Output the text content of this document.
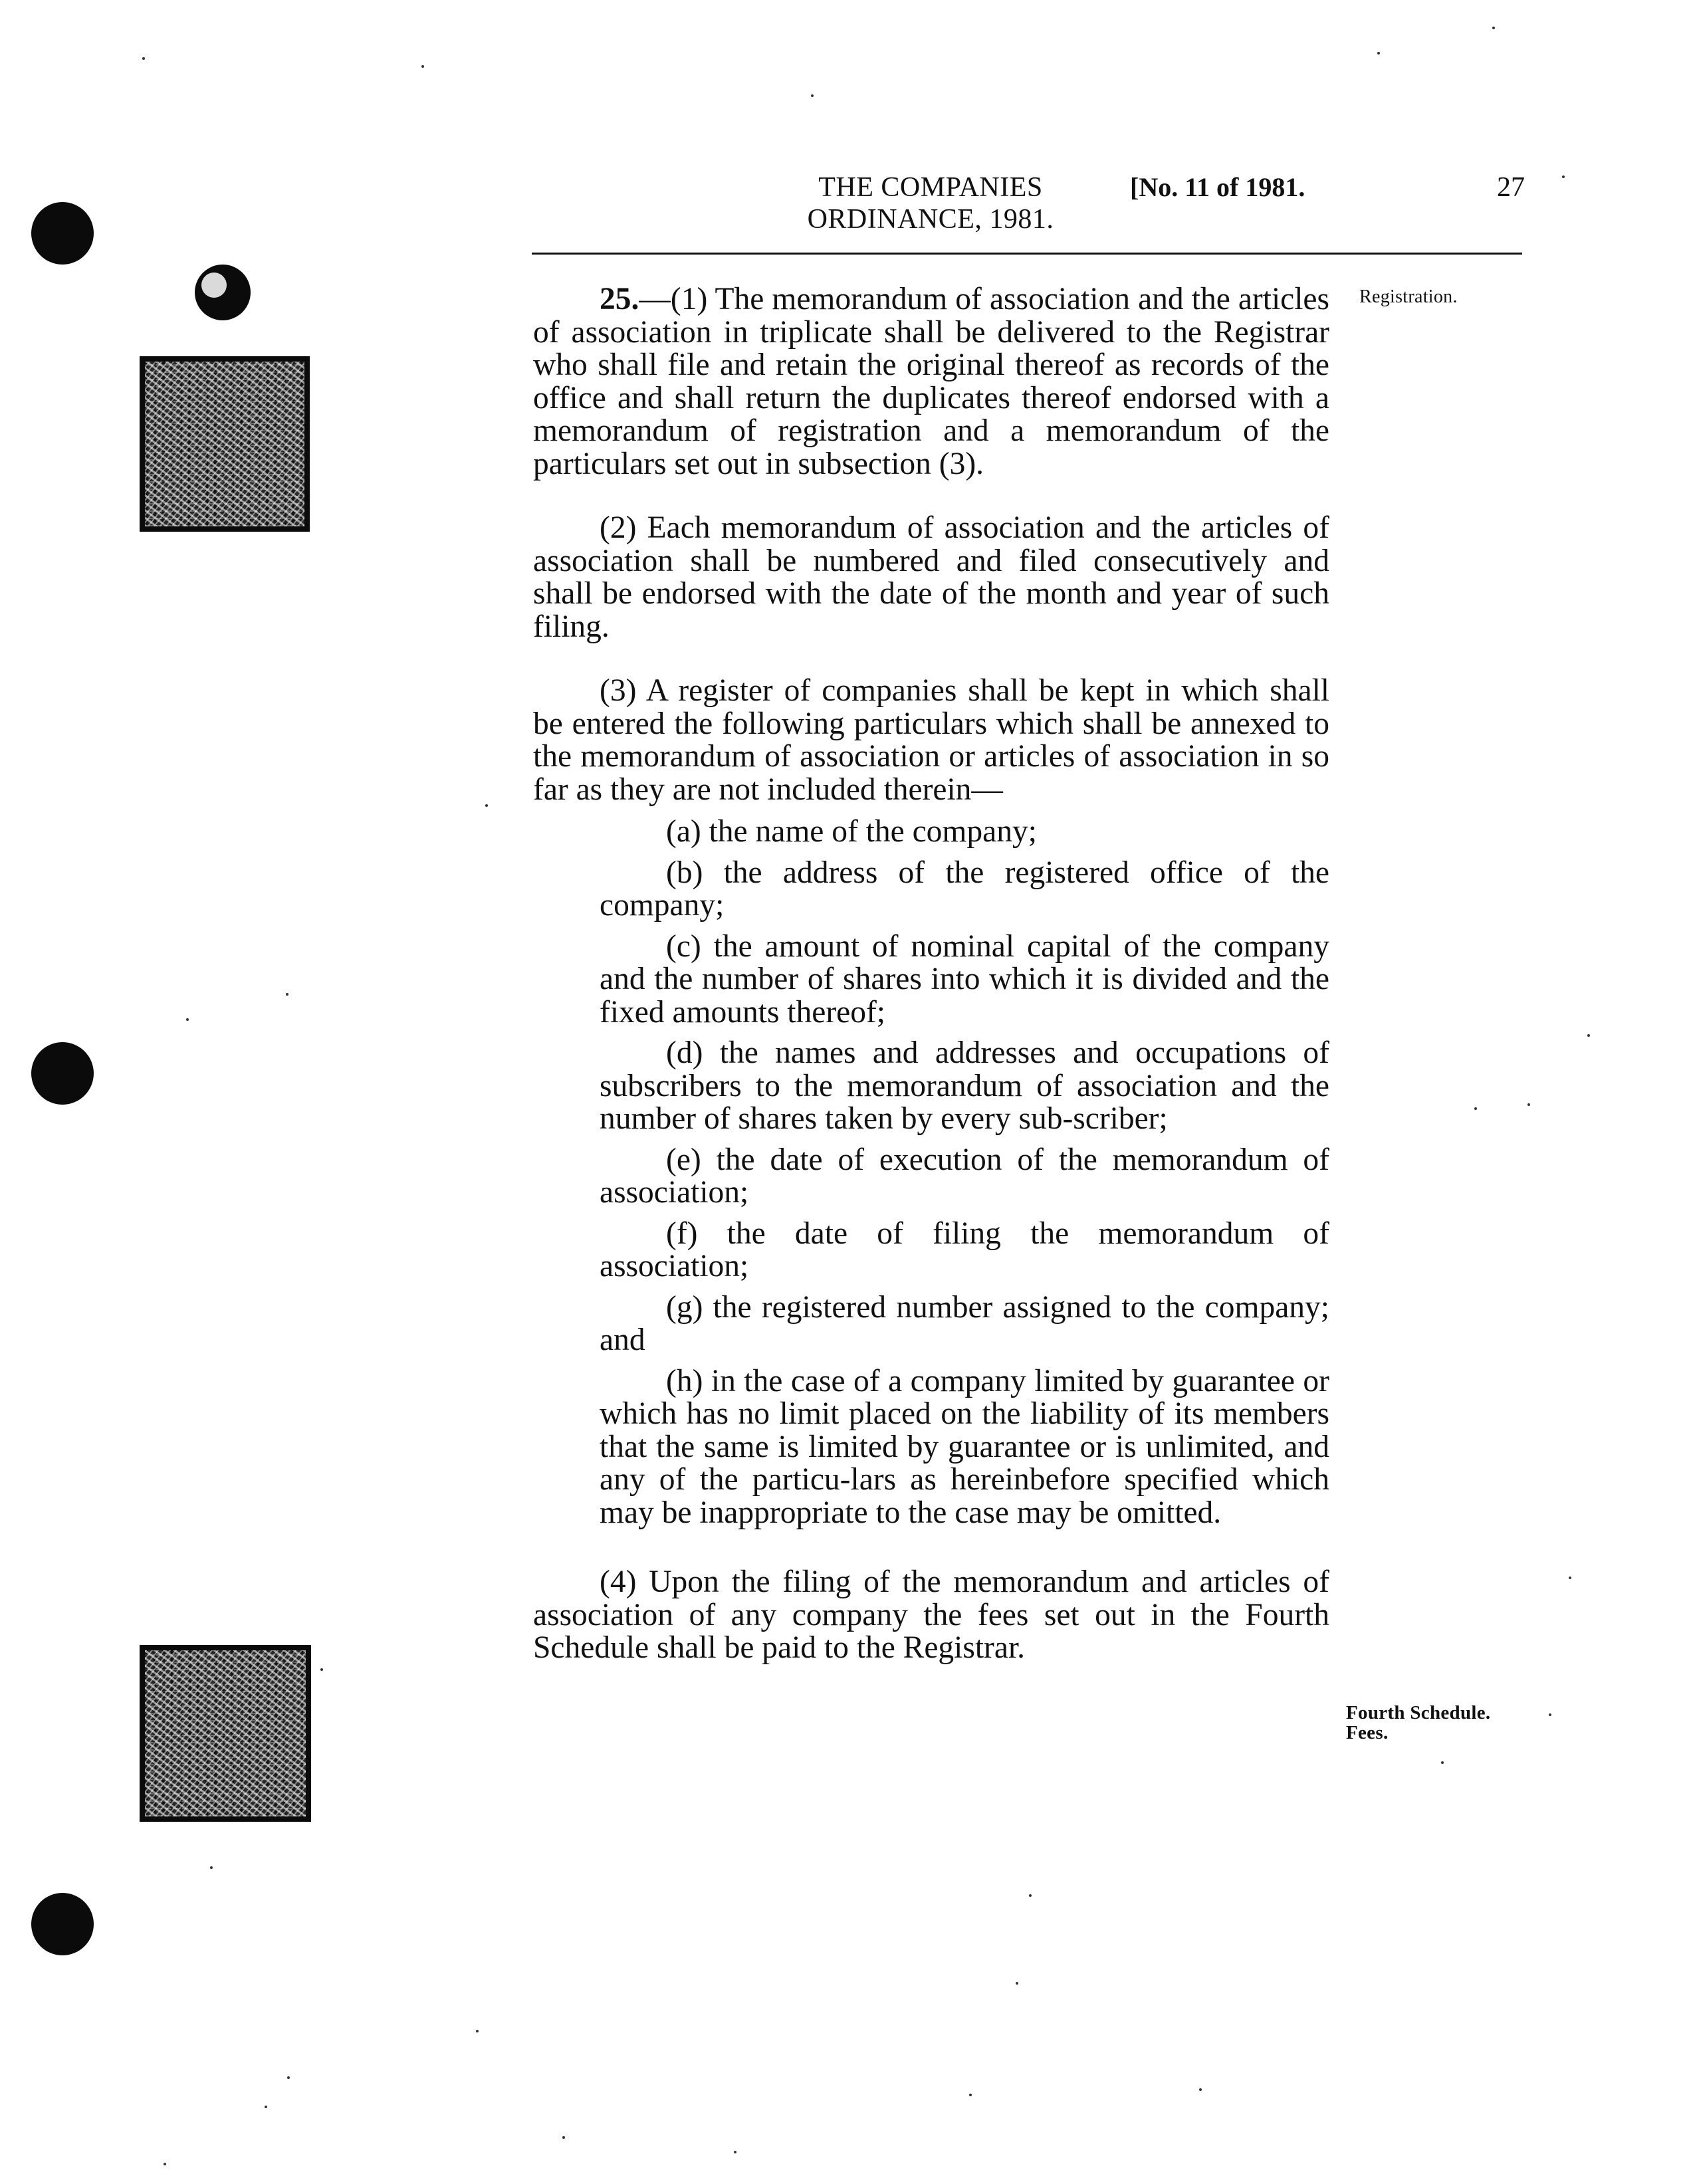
THE COMPANIES
ORDINANCE, 1981.
[No. 11 of 1981.	27
Registration.
Fourth Schedule.
Fees.

25.—(1) The memorandum of association and the articles of association in triplicate shall be delivered to the Registrar who shall file and retain the original thereof as records of the office and shall return the duplicates thereof endorsed with a memorandum of registration and a memorandum of the particulars set out in subsection (3).

(2) Each memorandum of association and the articles of association shall be numbered and filed consecutively and shall be endorsed with the date of the month and year of such filing.

(3) A register of companies shall be kept in which shall be entered the following particulars which shall be annexed to the memorandum of association or articles of association in so far as they are not included therein—

(a) the name of the company;

(b) the address of the registered office of the company;

(c) the amount of nominal capital of the company and the number of shares into which it is divided and the fixed amounts thereof;

(d) the names and addresses and occupations of subscribers to the memorandum of association and the number of shares taken by every sub-scriber;

(e) the date of execution of the memorandum of association;

(f) the date of filing the memorandum of association;

(g) the registered number assigned to the company; and

(h) in the case of a company limited by guarantee or which has no limit placed on the liability of its members that the same is limited by guarantee or is unlimited, and any of the particu-lars as hereinbefore specified which may be inappropriate to the case may be omitted.

(4) Upon the filing of the memorandum and articles of association of any company the fees set out in the Fourth Schedule shall be paid to the Registrar.
